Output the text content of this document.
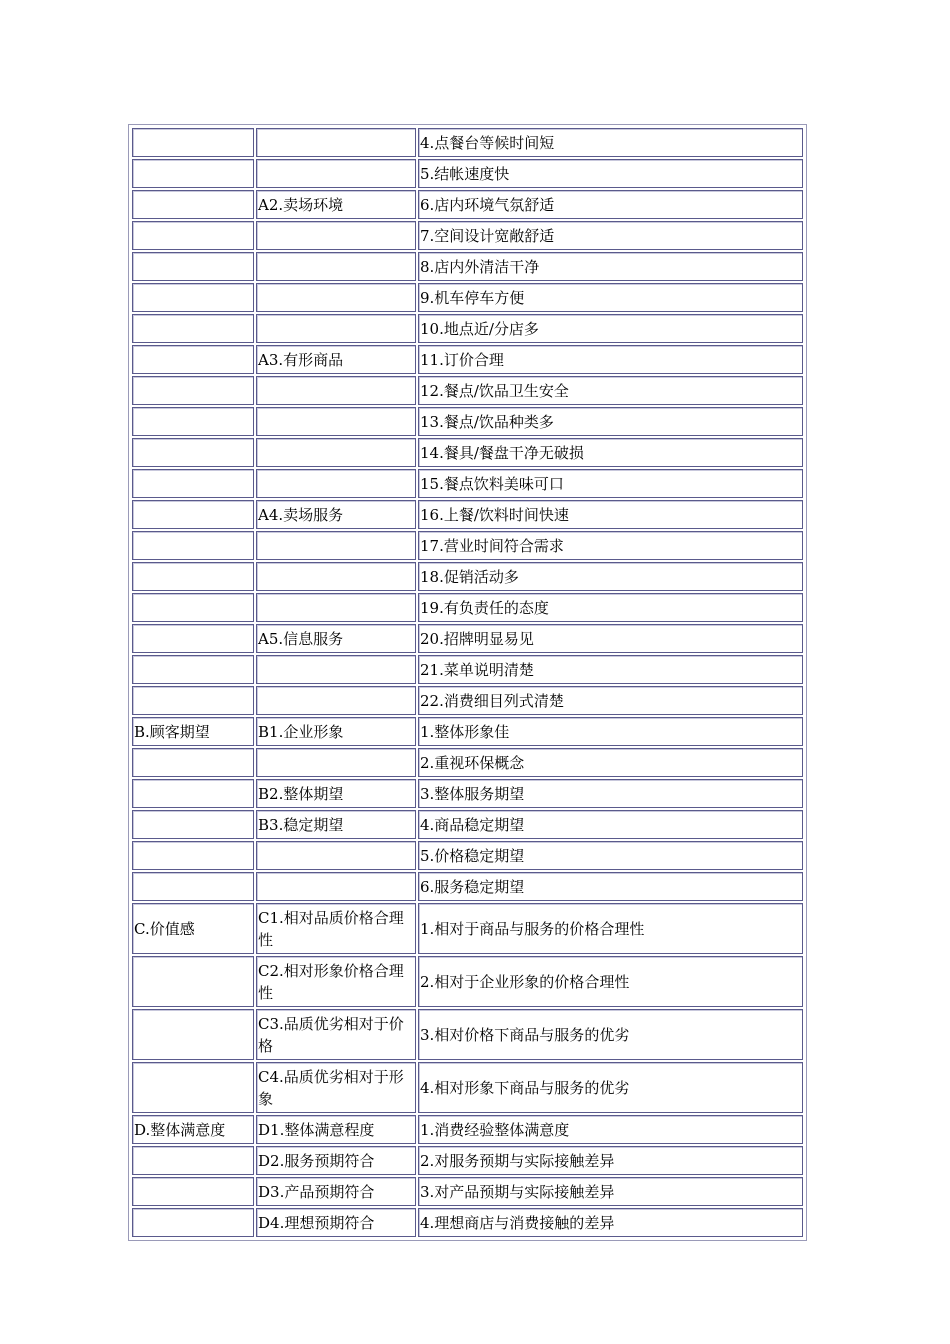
		4.点餐台等候时间短
		5.结帐速度快
	A2.卖场环境	6.店内环境气氛舒适
		7.空间设计宽敞舒适
		8.店内外清洁干净
		9.机车停车方便
		10.地点近/分店多
	A3.有形商品	11.订价合理
		12.餐点/饮品卫生安全
		13.餐点/饮品种类多
		14.餐具/餐盘干净无破损
		15.餐点饮料美味可口
	A4.卖场服务	16.上餐/饮料时间快速
		17.营业时间符合需求
		18.促销活动多
		19.有负责任的态度
	A5.信息服务	20.招牌明显易见
		21.菜单说明清楚
		22.消费细目列式清楚
B.顾客期望	B1.企业形象	1.整体形象佳
		2.重视环保概念
	B2.整体期望	3.整体服务期望
	B3.稳定期望	4.商品稳定期望
		5.价格稳定期望
		6.服务稳定期望
C.价值感	C1.相对品质价格合理性	1.相对于商品与服务的价格合理性
	C2.相对形象价格合理性	2.相对于企业形象的价格合理性
	C3.品质优劣相对于价格	3.相对价格下商品与服务的优劣
	C4.品质优劣相对于形象	4.相对形象下商品与服务的优劣
D.整体满意度	D1.整体满意程度	1.消费经验整体满意度
	D2.服务预期符合	2.对服务预期与实际接触差异
	D3.产品预期符合	3.对产品预期与实际接触差异
	D4.理想预期符合	4.理想商店与消费接触的差异
